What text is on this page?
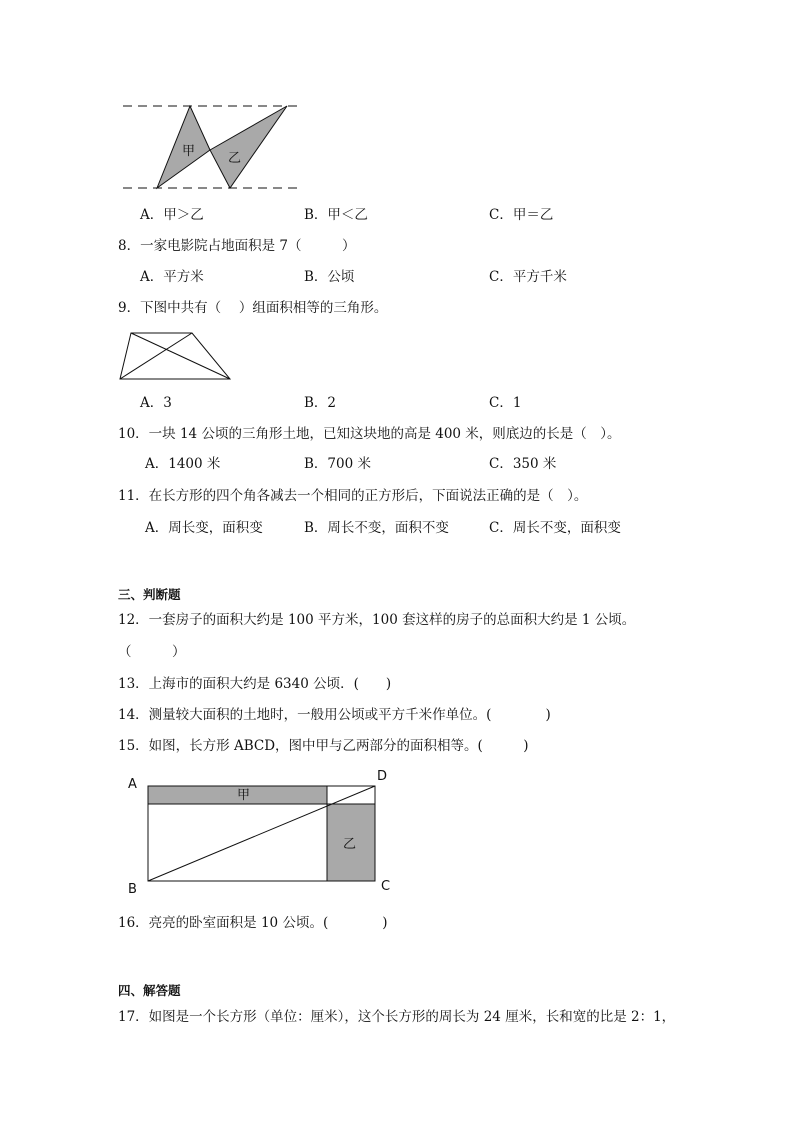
甲	乙
A．甲＞乙	B．甲＜乙	C．甲＝乙
8．一家电影院占地面积是 7（　　　）
A．平方米	B．公顷	C．平方千米
9．下图中共有（　 ）组面积相等的三角形。
A．3	B．2	C．1
10．一块 14 公顷的三角形土地，已知这块地的高是 400 米，则底边的长是（　）。
A．1400 米	B．700 米	C．350 米
11．在长方形的四个角各减去一个相同的正方形后，下面说法正确的是（　）。
A．周长变，面积变	B．周长不变，面积不变	C．周长不变，面积变
三、判断题
12．一套房子的面积大约是 100 平方米，100 套这样的房子的总面积大约是 1 公顷。
（　　　）
13．上海市的面积大约是 6340 公顷．(　　)
14．测量较大面积的土地时，一般用公顷或平方千米作单位。(　　　　)
15．如图，长方形 ABCD，图中甲与乙两部分的面积相等。(　　　)
A
D
B	C
甲
乙
16．亮亮的卧室面积是 10 公顷。(　　　　)
四、解答题
17．如图是一个长方形（单位：厘米），这个长方形的周长为 24 厘米，长和宽的比是 2：1，
